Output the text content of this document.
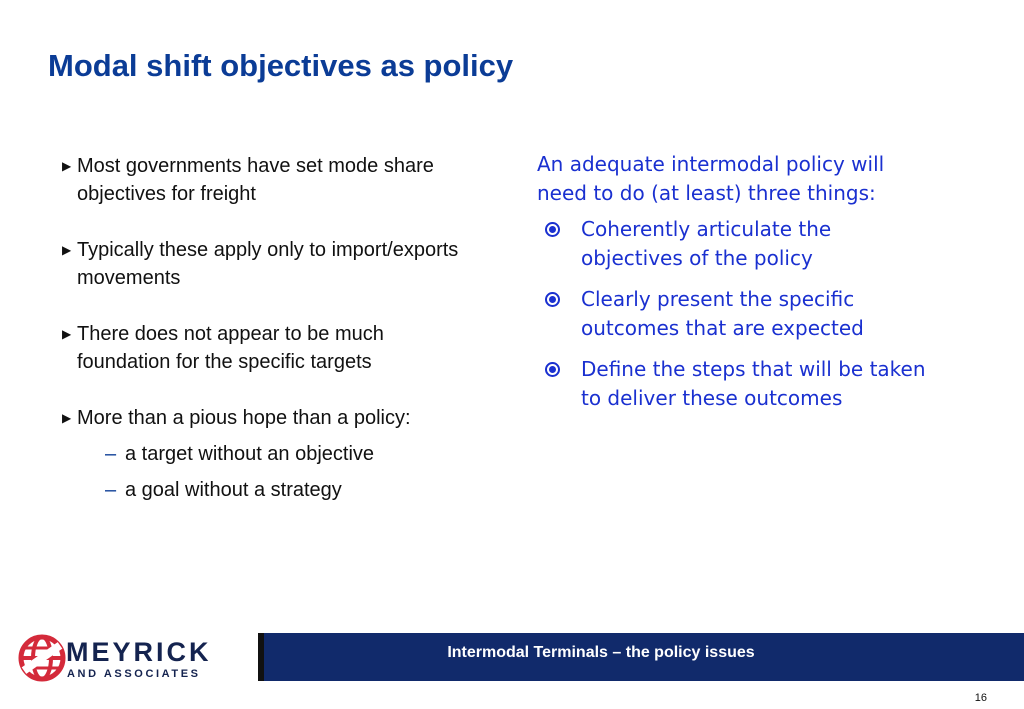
Modal shift objectives as policy
▶ Most governments have set mode share objectives for freight
▶ Typically these apply only to import/exports movements
▶ There does not appear to be much foundation for the specific targets
▶ More than a pious hope than a policy:
– a target without an objective
– a goal without a strategy
An adequate intermodal policy will need to do (at least) three things:
Coherently articulate the objectives of the policy
Clearly present the specific outcomes that are expected
Define the steps that will be taken to deliver these outcomes
MEYRICK
AND ASSOCIATES
Intermodal Terminals – the policy issues
16
